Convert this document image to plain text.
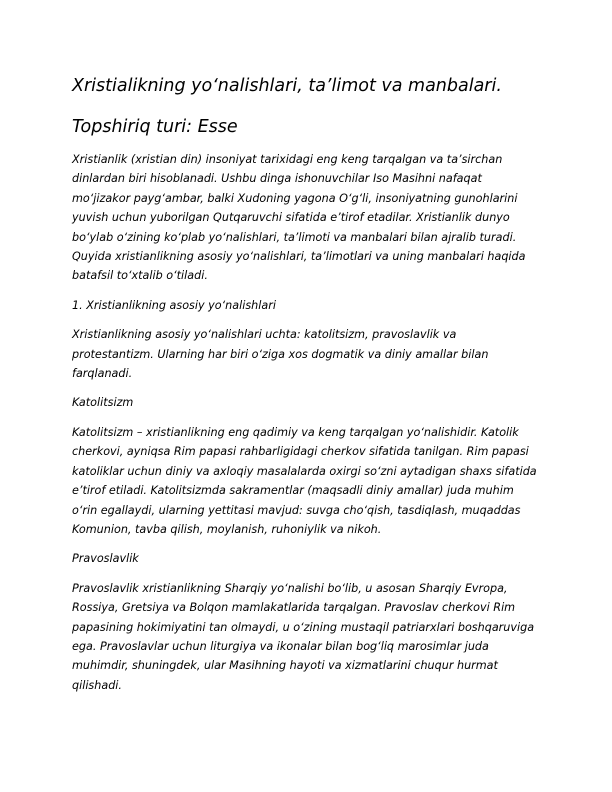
Xristialikning yo‘nalishlari, ta’limot va manbalari.
Topshiriq turi: Esse

Xristianlik (xristian din) insoniyat tarixidagi eng keng tarqalgan va ta’sirchan
dinlardan biri hisoblanadi. Ushbu dinga ishonuvchilar Iso Masihni nafaqat
mo‘jizakor payg‘ambar, balki Xudoning yagona O‘g‘li, insoniyatning gunohlarini
yuvish uchun yuborilgan Qutqaruvchi sifatida e’tirof etadilar. Xristianlik dunyo
bo‘ylab o‘zining ko‘plab yo‘nalishlari, ta’limoti va manbalari bilan ajralib turadi.
Quyida xristianlikning asosiy yo‘nalishlari, ta’limotlari va uning manbalari haqida
batafsil to‘xtalib o‘tiladi.

1. Xristianlikning asosiy yo‘nalishlari

Xristianlikning asosiy yo‘nalishlari uchta: katolitsizm, pravoslavlik va
protestantizm. Ularning har biri o‘ziga xos dogmatik va diniy amallar bilan
farqlanadi.

Katolitsizm

Katolitsizm – xristianlikning eng qadimiy va keng tarqalgan yo‘nalishidir. Katolik
cherkovi, ayniqsa Rim papasi rahbarligidagi cherkov sifatida tanilgan. Rim papasi
katoliklar uchun diniy va axloqiy masalalarda oxirgi so‘zni aytadigan shaxs sifatida
e’tirof etiladi. Katolitsizmda sakramentlar (maqsadli diniy amallar) juda muhim
o‘rin egallaydi, ularning yettitasi mavjud: suvga cho‘qish, tasdiqlash, muqaddas
Komunion, tavba qilish, moylanish, ruhoniylik va nikoh.

Pravoslavlik

Pravoslavlik xristianlikning Sharqiy yo‘nalishi bo‘lib, u asosan Sharqiy Evropa,
Rossiya, Gretsiya va Bolqon mamlakatlarida tarqalgan. Pravoslav cherkovi Rim
papasining hokimiyatini tan olmaydi, u o‘zining mustaqil patriarxlari boshqaruviga
ega. Pravoslavlar uchun liturgiya va ikonalar bilan bog‘liq marosimlar juda
muhimdir, shuningdek, ular Masihning hayoti va xizmatlarini chuqur hurmat
qilishadi.
